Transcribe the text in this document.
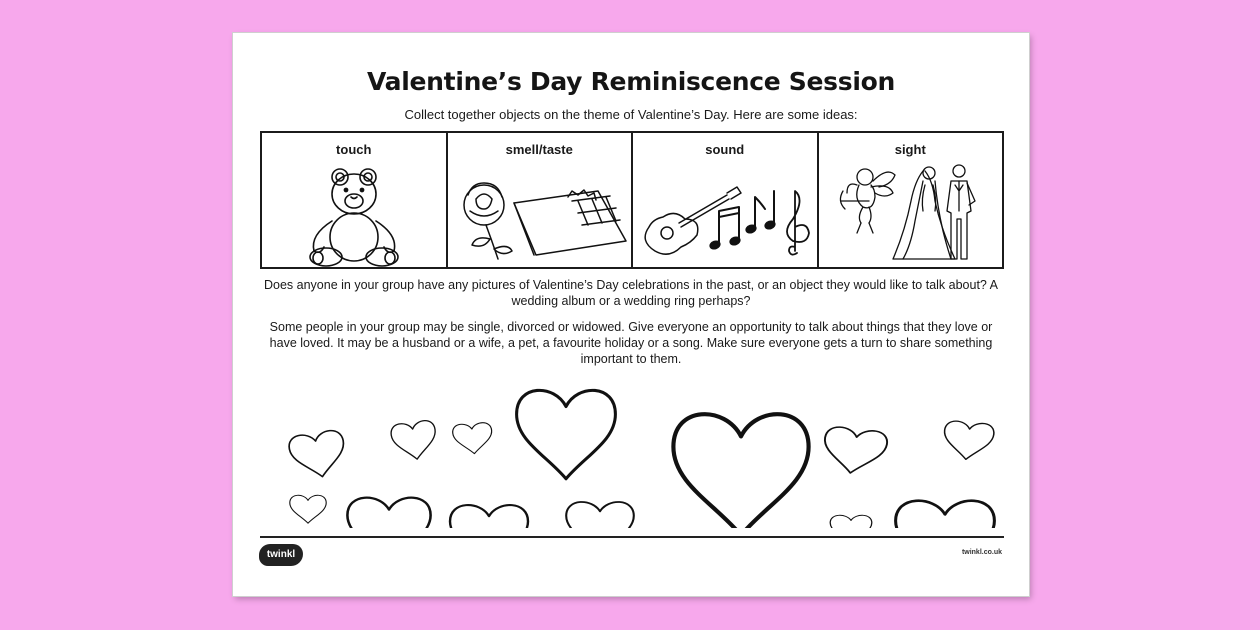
Valentine’s Day Reminiscence Session
Collect together objects on the theme of Valentine’s Day. Here are some ideas:
touch	smell/taste	sound	sight
Does anyone in your group have any pictures of Valentine’s Day celebrations in the past, or an object they would like to talk about? A wedding album or a wedding ring perhaps?
Some people in your group may be single, divorced or widowed. Give everyone an opportunity to talk about things that they love or have loved. It may be a husband or a wife, a pet, a favourite holiday or a song. Make sure everyone gets a turn to share something important to them.
twinkl	twinkl.co.uk
